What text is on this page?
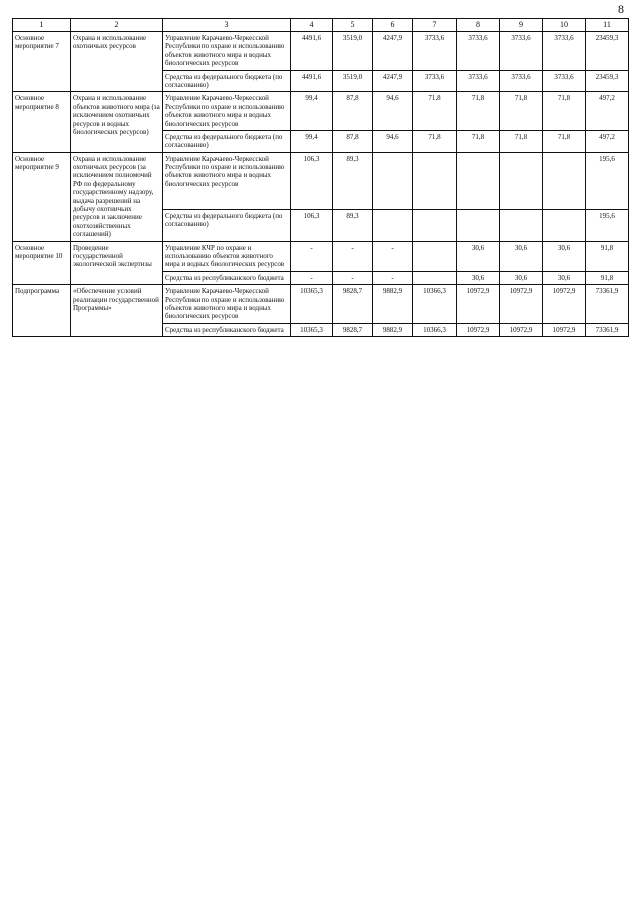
8
1	2	3	4	5	6	7	8	9	10	11
Основное мероприятие 7	Охрана и использование охотничьих ресурсов	Управление Карачаево-Черкесской Республики по охране и использованию объектов животного мира и водных биологических ресурсов	4491,6	3519,0	4247,9	3733,6	3733,6	3733,6	3733,6	23459,3
		Средства из федерального бюджета (по согласованию)	4491,6	3519,0	4247,9	3733,6	3733,6	3733,6	3733,6	23459,3
Основное мероприятие 8	Охрана и использование объектов животного мира (за исключением охотничьих ресурсов и водных биологических ресурсов)	Управление Карачаево-Черкесской Республики по охране и использованию объектов животного мира и водных биологических ресурсов	99,4	87,8	94,6	71,8	71,8	71,8	71,8	497,2
		Средства из федерального бюджета (по согласованию)	99,4	87,8	94,6	71,8	71,8	71,8	71,8	497,2
Основное мероприятие 9	Охрана и использование охотничьих ресурсов (за исключением полномочий РФ по федеральному государственному надзору, выдача разрешений на добычу охотничьих ресурсов и заключение охотхозяйственных соглашений)	Управление Карачаево-Черкесской Республики по охране и использованию объектов животного мира и водных биологических ресурсов	106,3	89,3						195,6
		Средства из федерального бюджета (по согласованию)	106,3	89,3						195,6
Основное мероприятие 10	Проведение государственной экологической экспертизы	Управление КЧР по охране и использованию объектов животного мира и водных биологических ресурсов	-	-	-		30,6	30,6	30,6	91,8
		Средства из республиканского бюджета	-	-	-		30,6	30,6	30,6	91,8
Подпрограмма	«Обеспечение условий реализации государственной Программы»	Управление Карачаево-Черкесской Республики по охране и использованию объектов животного мира и водных биологических ресурсов	10365,3	9828,7	9882,9	10366,3	10972,9	10972,9	10972,9	73361,9
		Средства из республиканского бюджета	10365,3	9828,7	9882,9	10366,3	10972,9	10972,9	10972,9	73361,9
